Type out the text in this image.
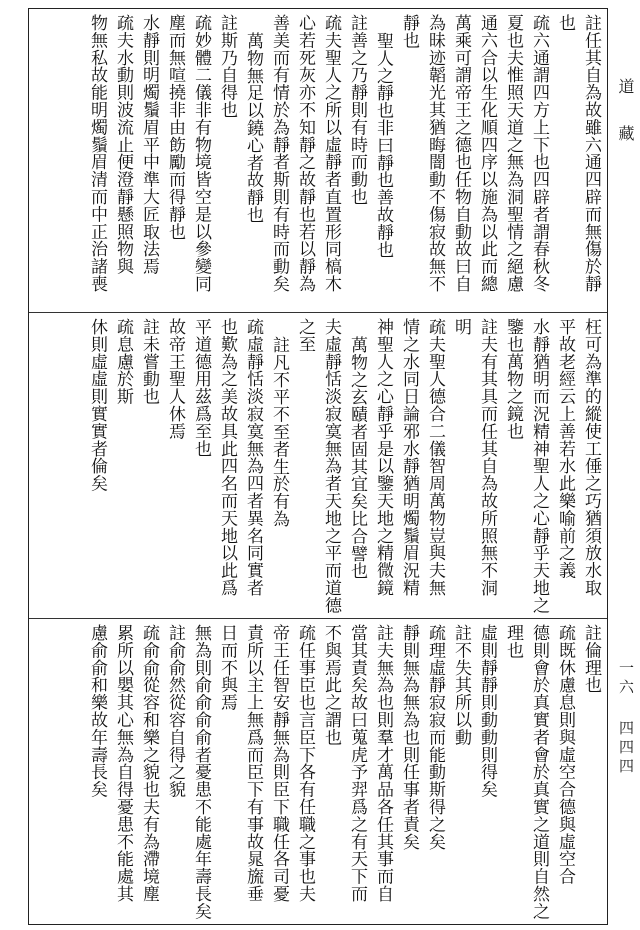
註任其自為故雖六通四辟而無傷於靜
也
疏六通謂四方上下也四辟者謂春秋冬
夏也夫惟照天道之無為洞聖情之絕慮
通六合以生化順四序以施為以此而總
萬乘可謂帝王之德也任物自動故曰自
為昧迹韜光其猶晦闇動不傷寂故無不
靜也
聖人之靜也非曰靜也善故靜也
註善之乃靜則有時而動也
疏夫聖人之所以虛靜者直置形同槁木
心若死灰亦不知靜之故靜也若以靜為
善美而有情於為靜者斯則有時而動矣
萬物無足以鐃心者故靜也
註斯乃自得也
疏妙體二儀非有物境皆空是以參變同
塵而無喧撓非由飭勵而得靜也
水靜則明燭鬚眉平中準大匠取法焉
疏夫水動則波流止便澄靜懸照物與
物無私故能明燭鬚眉清而中正治諸喪
枉可為準的縱使工倕之巧猶須放水取
平故老經云上善若水此樂喻前之義
水靜猶明而況精神聖人之心靜乎天地之
鑒也萬物之鏡也
註夫有其具而任其自為故所照無不洞
明
疏夫聖人德合二儀智周萬物豈與夫無
情之水同日論邪水靜猶明燭鬚眉況精
神聖人之心靜乎是以鑒天地之精微鏡
萬物之玄賾者固其宜矣比合譬也
夫虛靜恬淡寂寞無為者天地之平而道德
之至
註凡不平不至者生於有為
疏虛靜恬淡寂寞無為四者異名同實者
也歎為之美故具此四名而天地以此爲
平道德用茲爲至也
故帝王聖人休焉
註未嘗動也
疏息慮於斯
休則虛虛則實實者倫矣
註倫理也
疏既休慮息則與虛空合德與虛空合
德則會於真實者會於真實之道則自然之
理也
虛則靜靜則動動則得矣
註不失其所以動
疏理虛靜寂寂而能動斯得之矣
靜則無為無為也則任事者責矣
註夫無為也則羣才萬品各任其事而自
當其責矣故曰蒐虎予羿爲之有天下而
不與焉此之謂也
疏任事臣也言臣下各有任職之事也夫
帝王任智安靜無為則臣下職任各司憂
責所以主上無爲而臣下有事故晁旒垂
日而不與焉
無為則俞俞俞俞者憂患不能處年壽長矣
註俞俞然從容自得之貌
疏俞俞從容和樂之貌也夫有為滯境塵
累所以嬰其心無為自得憂患不能處其
慮俞俞和樂故年壽長矣
道 藏
一六 四四四
